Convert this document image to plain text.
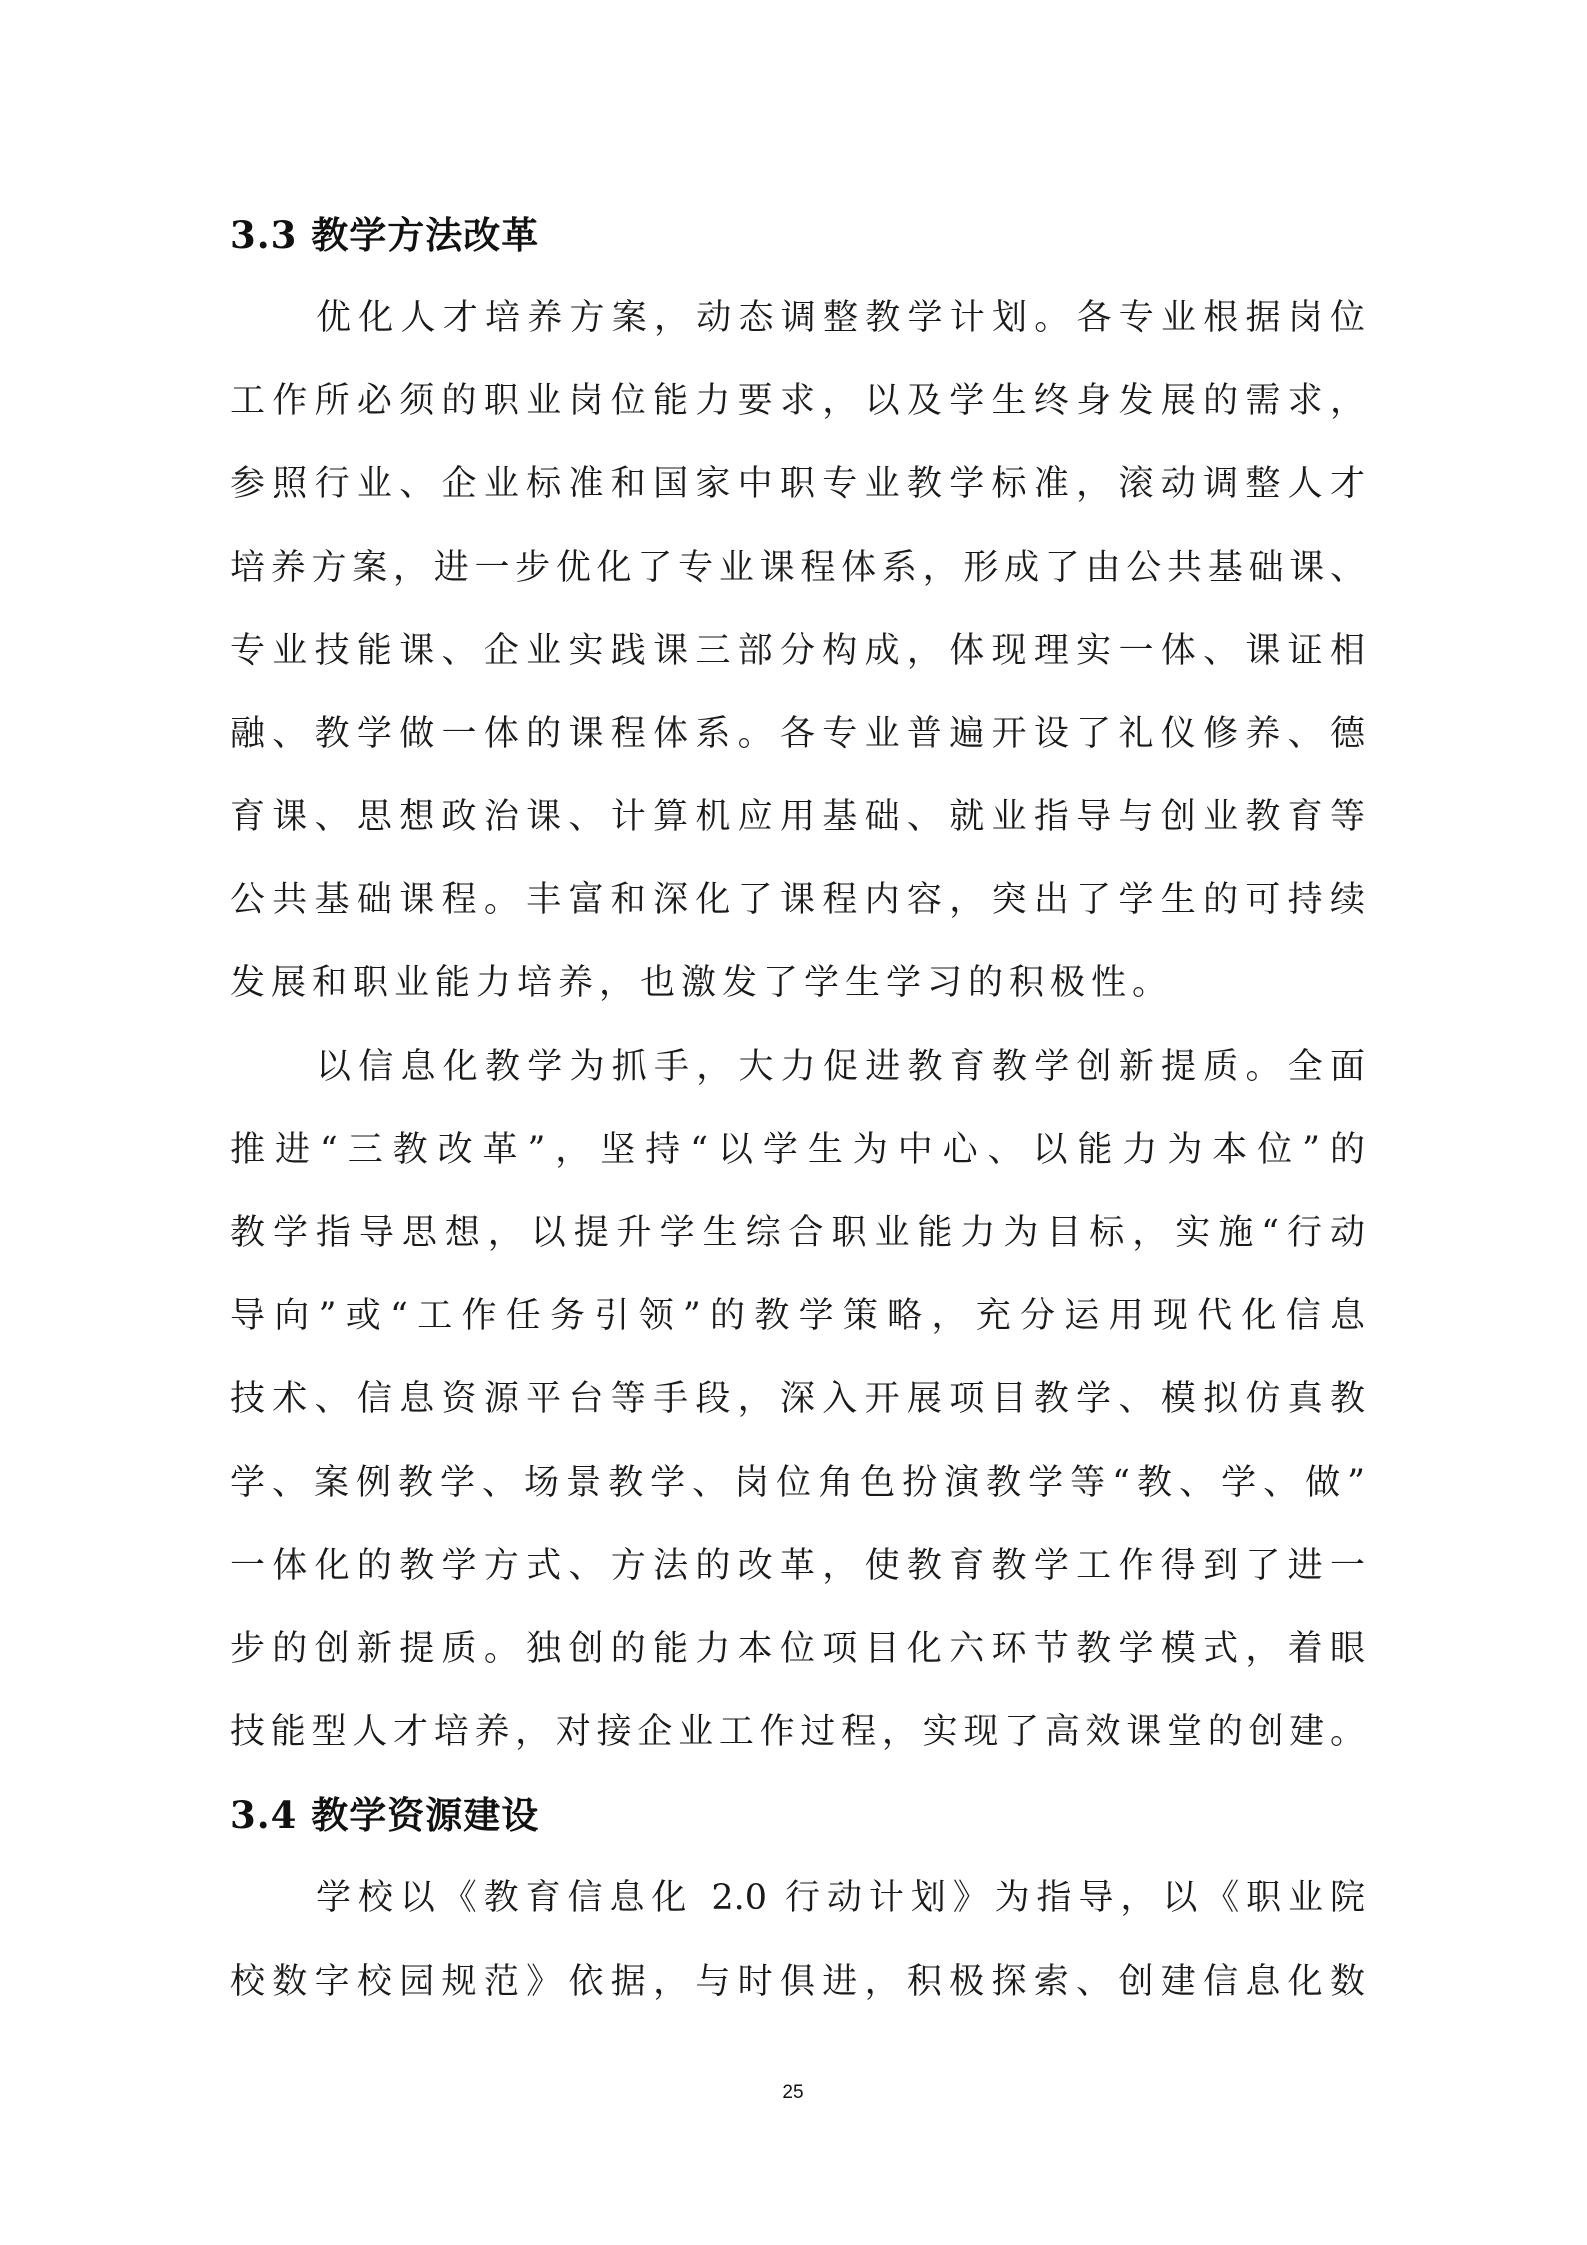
3.3 教学方法改革
优化人才培养方案，动态调整教学计划。各专业根据岗位
工作所必须的职业岗位能力要求，以及学生终身发展的需求，
参照行业、企业标准和国家中职专业教学标准，滚动调整人才
培养方案，进一步优化了专业课程体系，形成了由公共基础课、
专业技能课、企业实践课三部分构成，体现理实一体、课证相
融、教学做一体的课程体系。各专业普遍开设了礼仪修养、德
育课、思想政治课、计算机应用基础、就业指导与创业教育等
公共基础课程。丰富和深化了课程内容，突出了学生的可持续
发展和职业能力培养，也激发了学生学习的积极性。
以信息化教学为抓手，大力促进教育教学创新提质。全面
推进“三教改革”，坚持“以学生为中心、以能力为本位”的
教学指导思想，以提升学生综合职业能力为目标，实施“行动
导向”或“工作任务引领”的教学策略，充分运用现代化信息
技术、信息资源平台等手段，深入开展项目教学、模拟仿真教
学、案例教学、场景教学、岗位角色扮演教学等“教、学、做”
一体化的教学方式、方法的改革，使教育教学工作得到了进一
步的创新提质。独创的能力本位项目化六环节教学模式，着眼
技能型人才培养，对接企业工作过程，实现了高效课堂的创建。
3.4 教学资源建设
学校以《教育信息化 2.0 行动计划》为指导，以《职业院
校数字校园规范》依据，与时俱进，积极探索、创建信息化数
25
